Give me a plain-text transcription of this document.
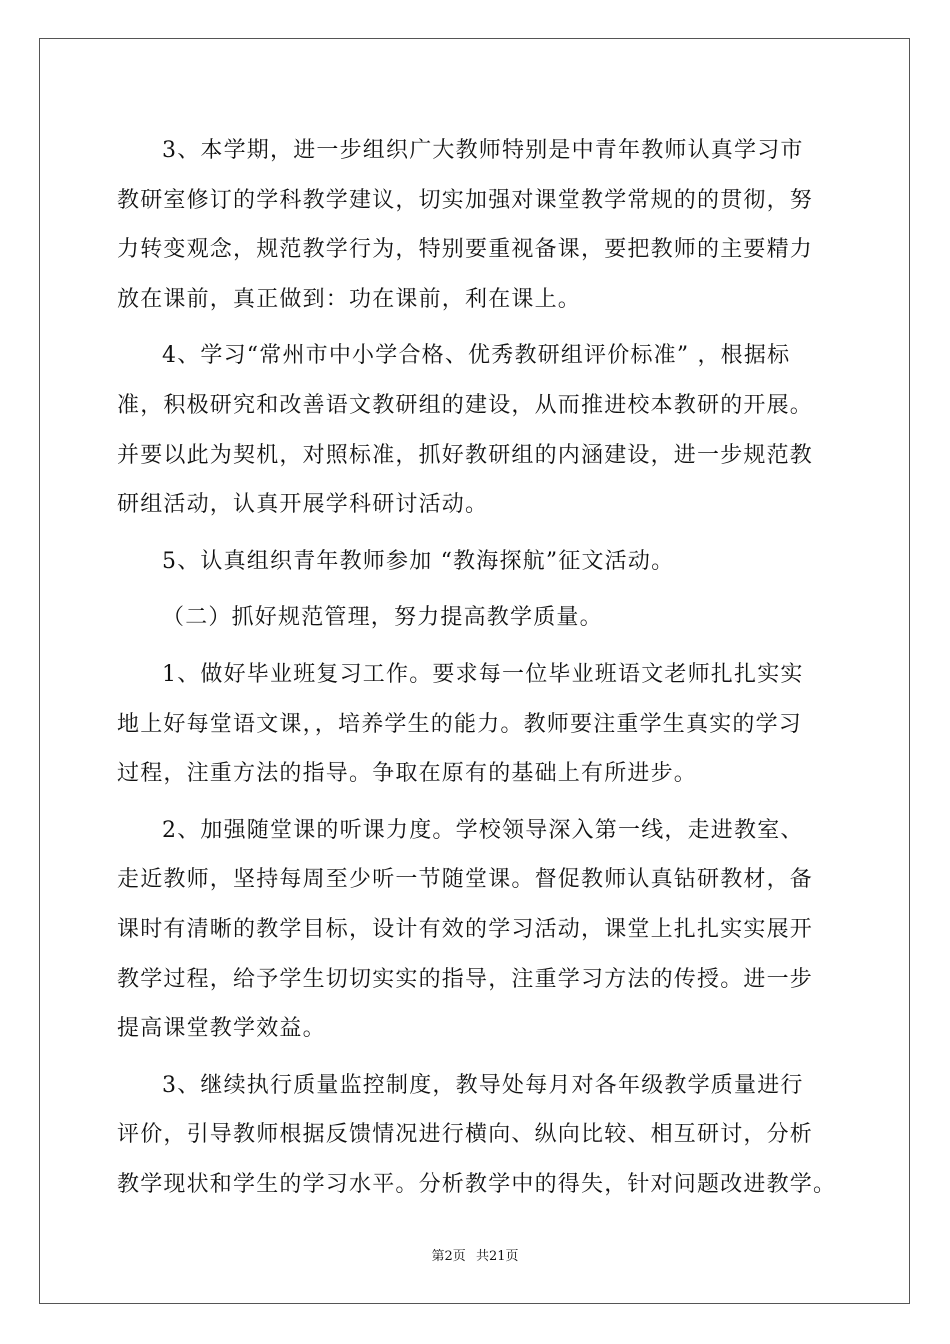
3、本学期，进一步组织广大教师特别是中青年教师认真学习市
教研室修订的学科教学建议，切实加强对课堂教学常规的的贯彻，努
力转变观念，规范教学行为，特别要重视备课，要把教师的主要精力
放在课前，真正做到：功在课前，利在课上。

4、学习“常州市中小学合格、优秀教研组评价标准” ，根据标
准，积极研究和改善语文教研组的建设，从而推进校本教研的开展。
并要以此为契机，对照标准，抓好教研组的内涵建设，进一步规范教
研组活动，认真开展学科研讨活动。

5、认真组织青年教师参加 “教海探航”征文活动。

（二）抓好规范管理，努力提高教学质量。

1、做好毕业班复习工作。要求每一位毕业班语文老师扎扎实实
地上好每堂语文课，，培养学生的能力。教师要注重学生真实的学习
过程，注重方法的指导。争取在原有的基础上有所进步。

2、加强随堂课的听课力度。学校领导深入第一线，走进教室、
走近教师，坚持每周至少听一节随堂课。督促教师认真钻研教材，备
课时有清晰的教学目标，设计有效的学习活动，课堂上扎扎实实展开
教学过程，给予学生切切实实的指导，注重学习方法的传授。进一步
提高课堂教学效益。

3、继续执行质量监控制度，教导处每月对各年级教学质量进行
评价，引导教师根据反馈情况进行横向、纵向比较、相互研讨，分析
教学现状和学生的学习水平。分析教学中的得失，针对问题改进教学。

第2页 共21页
